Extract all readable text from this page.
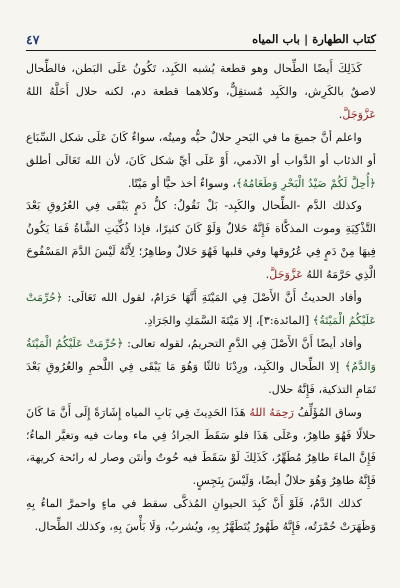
كتاب الطهارة | باب المياه
٤٧

كَذَلِكَ أَيضًا الطِّحال وهو قطعة يُشبه الكَبِد، تَكُونُ عَلَى البَطن، فالطِّحال لاصقٌ بالكَرِش، والكَبِد مُستقِلٌّ، وكلاهما قطعة دم، لكنه حلال أَحَلَّهُ اللهُ عَزَّوَجَلَّ.

واعلم أنَّ جميعَ ما في البَحرِ حلالٌ حيُّه وميتُه، سواءٌ كَانَ عَلَى شكل السِّبَاع أو الذئاب أو الدَّواب أو الآدمي، أَوْ عَلَى أيِّ شكل كَانَ، لأن الله تَعَالَى أطلق ﴿أُحِلَّ لَكُمْ صَيْدُ الْبَحْرِ وَطَعَامُهُ﴾، وسواءٌ أخذ حيًّا أو مَيْتًا.

وكذلك الدَّم -الطِّحال والكَبِد- بَلْ نَقُولُ: كلُّ دَمٍ يَبْقَى فِي العُرُوقِ بَعْدَ التَّذْكِيَةِ وموت المذكَّاة فَإِنَّهُ حَلالٌ وَلَوْ كَانَ كثيرًا، فإذا ذُكِّيَتِ الشَّاةُ فَمَا يَكُونُ فِيهَا مِنْ دَمٍ فِي عُرُوقها وفي قلبها فَهُوَ حَلالٌ وطاهِرٌ؛ لِأَنَّهُ لَيْسَ الدَّمَ المَسْفُوحَ الَّذِي حَرَّمَهُ اللهُ عَزَّوَجَلَّ.

وأفاد الحديثُ أَنَّ الأَصْلَ فِي المَيْتَةِ أَنَّهَا حَرَامٌ، لقول الله تَعَالَى: ﴿حُرِّمَتْ عَلَيْكُمُ الْمَيْتَةُ﴾ [المائدة:٣]، إلا مَيْتَةَ السَّمَكِ والجَرَادِ.

وأفاد أيضًا أَنَّ الأَصْلَ فِي الدَّمِ التحريمُ، لقوله تعالى: ﴿حُرِّمَتْ عَلَيْكُمُ الْمَيْتَةُ وَالدَّمُ﴾ إلا الطِّحال والكَبِد، ورِدْنَا ثالثًا وَهُوَ مَا يَبْقَى فِي اللَّحمِ والعُرُوقِ بَعْدَ تَمَامِ التذكية، فَإِنَّهُ حلال.

وساق المُؤَلِّفُ رَحِمَهُ اللهُ هَذَا الحَدِيثَ فِي بَابِ المياه إِشَارَةً إِلَى أَنَّ مَا كَانَ حلالًا فَهُوَ طاهِرٌ، وعَلَى هَذَا فلو سَقَطَ الجرادُ فِي ماء ومات فيه وتغيَّر الماءُ؛ فَإِنَّ الماءَ طاهِرٌ مُطَهِّرٌ، كَذَلِكَ لَوْ سَقَطَ فيه حُوتٌ وأنتَن وصار له رائحة كريهة، فَإِنَّهُ طاهِرٌ وَهُوَ حلالٌ أيضًا، وَلَيْسَ بِنَجِسٍ.

كذلك الدَّمُ، فَلَوْ أَنَّ كَبِدَ الحيوانِ المُذكَّى سقط في ماءٍ واحمرَّ الماءُ بِهِ وَظَهَرَتْ حُمْرَتُه، فَإِنَّهُ طَهُورٌ يُتَطَهَّرُ بِهِ، ويُشربُ، وَلَا بَأْسَ بِهِ، وكذلك الطِّحال.
